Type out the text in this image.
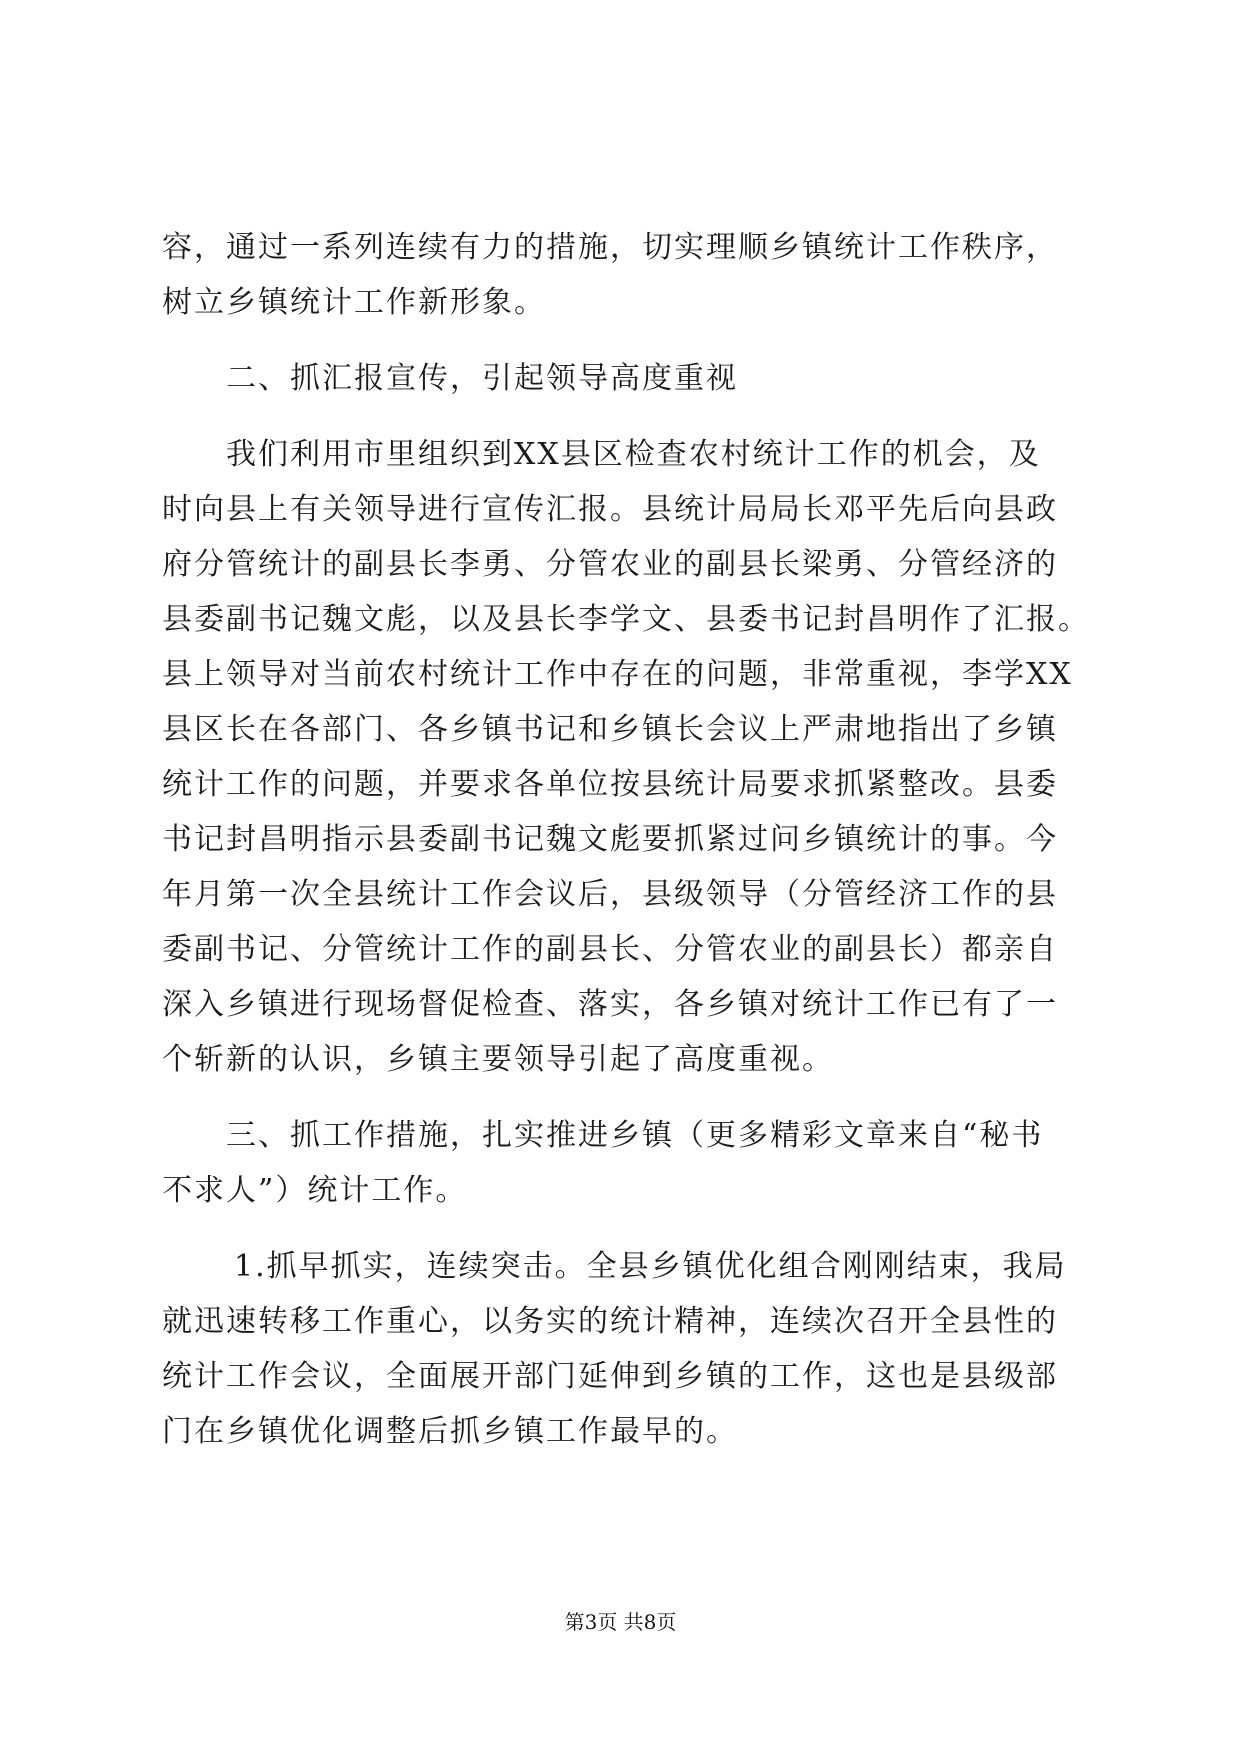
容，通过一系列连续有力的措施，切实理顺乡镇统计工作秩序，
树立乡镇统计工作新形象。
二、抓汇报宣传，引起领导高度重视
我们利用市里组织到XX县区检查农村统计工作的机会，及
时向县上有关领导进行宣传汇报。县统计局局长邓平先后向县政
府分管统计的副县长李勇、分管农业的副县长梁勇、分管经济的
县委副书记魏文彪，以及县长李学文、县委书记封昌明作了汇报。
县上领导对当前农村统计工作中存在的问题，非常重视，李学XX
县区长在各部门、各乡镇书记和乡镇长会议上严肃地指出了乡镇
统计工作的问题，并要求各单位按县统计局要求抓紧整改。县委
书记封昌明指示县委副书记魏文彪要抓紧过问乡镇统计的事。今
年月第一次全县统计工作会议后，县级领导（分管经济工作的县
委副书记、分管统计工作的副县长、分管农业的副县长）都亲自
深入乡镇进行现场督促检查、落实，各乡镇对统计工作已有了一
个斩新的认识，乡镇主要领导引起了高度重视。
三、抓工作措施，扎实推进乡镇（更多精彩文章来自“秘书
不求人”）统计工作。
1.抓早抓实，连续突击。全县乡镇优化组合刚刚结束，我局
就迅速转移工作重心，以务实的统计精神，连续次召开全县性的
统计工作会议，全面展开部门延伸到乡镇的工作，这也是县级部
门在乡镇优化调整后抓乡镇工作最早的。
第3页 共8页
